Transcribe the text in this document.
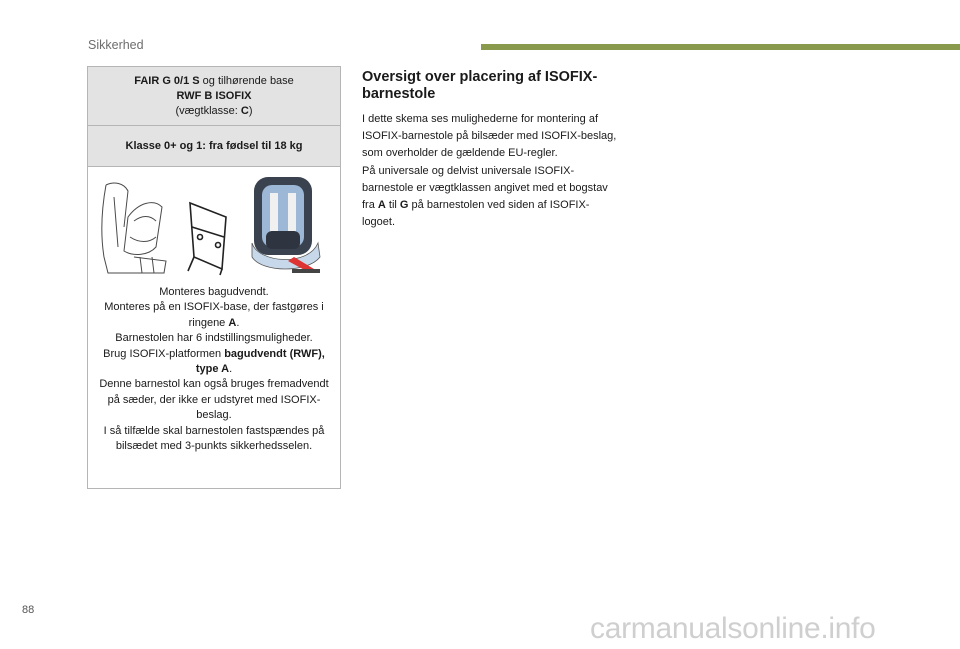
Sikkerhed
FAIR G 0/1 S og tilhørende base
RWF B ISOFIX
(vægtklasse: C)
Klasse 0+ og 1: fra fødsel til 18 kg

Monteres bagudvendt.

Monteres på en ISOFIX-base, der fastgøres i ringene A.

Barnestolen har 6 indstillingsmuligheder.

Brug ISOFIX-platformen bagudvendt (RWF), type A.

Denne barnestol kan også bruges fremadvendt på sæder, der ikke er udstyret med ISOFIX-beslag.

I så tilfælde skal barnestolen fastspændes på bilsædet med 3-punkts sikkerhedsselen.

Oversigt over placering af ISOFIX-barnestole

I dette skema ses mulighederne for montering af ISOFIX-barnestole på bilsæder med ISOFIX-beslag, som overholder de gældende EU-regler.

På universale og delvist universale ISOFIX-barnestole er vægtklassen angivet med et bogstav fra A til G på barnestolen ved siden af ISOFIX-logoet.

88
carmanualsonline.info
